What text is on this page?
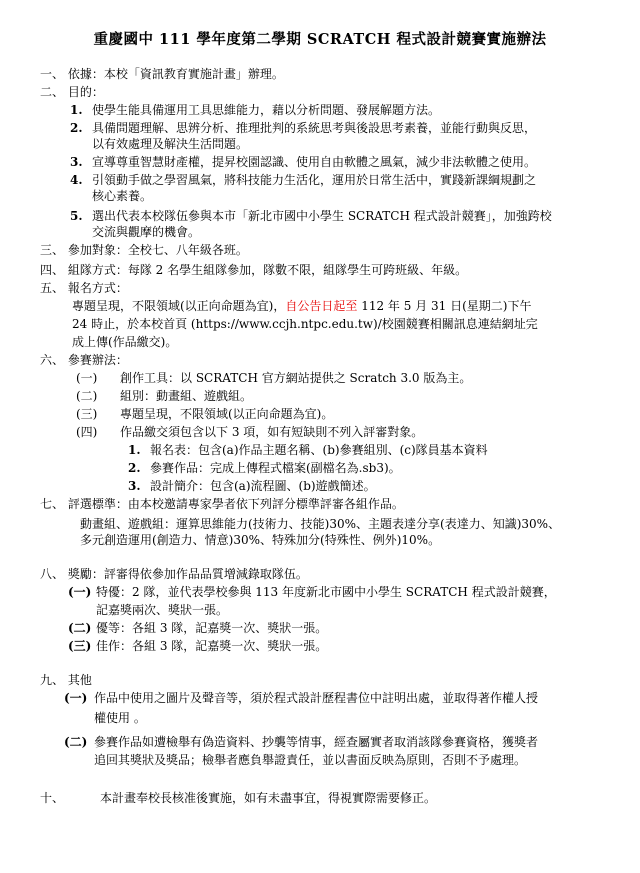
重慶國中 111 學年度第二學期 SCRATCH 程式設計競賽實施辦法
一、 依據：本校「資訊教育實施計畫」辦理。
二、 目的：
1. 使學生能具備運用工具思維能力，藉以分析問題、發展解題方法。
2. 具備問題理解、思辨分析、推理批判的系統思考與後設思考素養，並能行動與反思，
以有效處理及解決生活問題。
3. 宣導尊重智慧財產權，提昇校園認識、使用自由軟體之風氣，減少非法軟體之使用。
4. 引領動手做之學習風氣，將科技能力生活化，運用於日常生活中，實踐新課綱規劃之
核心素養。
5. 選出代表本校隊伍參與本市「新北市國中小學生 SCRATCH 程式設計競賽」，加強跨校
交流與觀摩的機會。
三、 參加對象：全校七、八年級各班。
四、 組隊方式：每隊 2 名學生組隊參加，隊數不限，組隊學生可跨班級、年級。
五、 報名方式：
專題呈現，不限領域(以正向命題為宜)，自公告日起至 112 年 5 月 31 日(星期二)下午
24 時止，於本校首頁 (https://www.ccjh.ntpc.edu.tw)/校園競賽相關訊息連結網址完
成上傳(作品繳交)。
六、 參賽辦法：
(一) 創作工具：以 SCRATCH 官方網站提供之 Scratch 3.0 版為主。
(二) 組別：動畫組、遊戲組。
(三) 專題呈現，不限領域(以正向命題為宜)。
(四) 作品繳交須包含以下 3 項，如有短缺則不列入評審對象。
1. 報名表：包含(a)作品主題名稱、(b)參賽組別、(c)隊員基本資料
2. 參賽作品：完成上傳程式檔案(副檔名為.sb3)。
3. 設計簡介：包含(a)流程圖、(b)遊戲簡述。
七、 評選標準：由本校邀請專家學者依下列評分標準評審各組作品。
動畫組、遊戲組：運算思維能力(技術力、技能)30%、主題表達分享(表達力、知識)30%、
多元創造運用(創造力、情意)30%、特殊加分(特殊性、例外)10%。
八、 獎勵：評審得依參加作品品質增減錄取隊伍。
(一) 特優：2 隊，並代表學校參與 113 年度新北市國中小學生 SCRATCH 程式設計競賽，
記嘉獎兩次、獎狀一張。
(二) 優等：各組 3 隊，記嘉獎一次、獎狀一張。
(三) 佳作：各組 3 隊，記嘉獎一次、獎狀一張。
九、 其他
(一) 作品中使用之圖片及聲音等，須於程式設計歷程書位中註明出處，並取得著作權人授
權使用 。
(二) 參賽作品如遭檢舉有偽造資料、抄襲等情事，經查屬實者取消該隊參賽資格，獲獎者
追回其獎狀及獎品；檢舉者應負舉證責任，並以書面反映為原則，否則不予處理。
十、	本計畫奉校長核准後實施，如有未盡事宜，得視實際需要修正。
